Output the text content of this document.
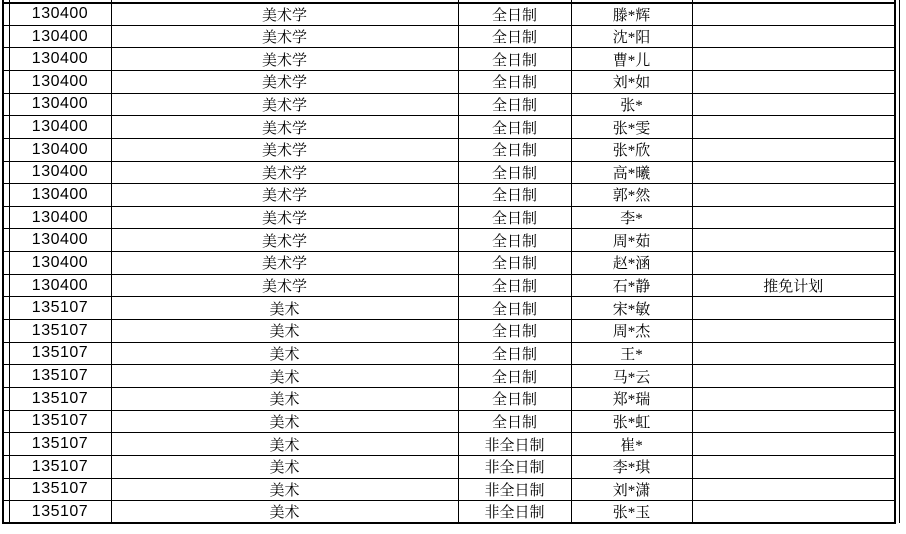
	130400	美术学	全日制	滕*辉	
	130400	美术学	全日制	沈*阳	
	130400	美术学	全日制	曹*儿	
	130400	美术学	全日制	刘*如	
	130400	美术学	全日制	张*	
	130400	美术学	全日制	张*雯	
	130400	美术学	全日制	张*欣	
	130400	美术学	全日制	高*曦	
	130400	美术学	全日制	郭*然	
	130400	美术学	全日制	李*	
	130400	美术学	全日制	周*茹	
	130400	美术学	全日制	赵*涵	
	130400	美术学	全日制	石*静	推免计划
	135107	美术	全日制	宋*敏	
	135107	美术	全日制	周*杰	
	135107	美术	全日制	王*	
	135107	美术	全日制	马*云	
	135107	美术	全日制	郑*瑞	
	135107	美术	全日制	张*虹	
	135107	美术	非全日制	崔*	
	135107	美术	非全日制	李*琪	
	135107	美术	非全日制	刘*潇	
	135107	美术	非全日制	张*玉	
